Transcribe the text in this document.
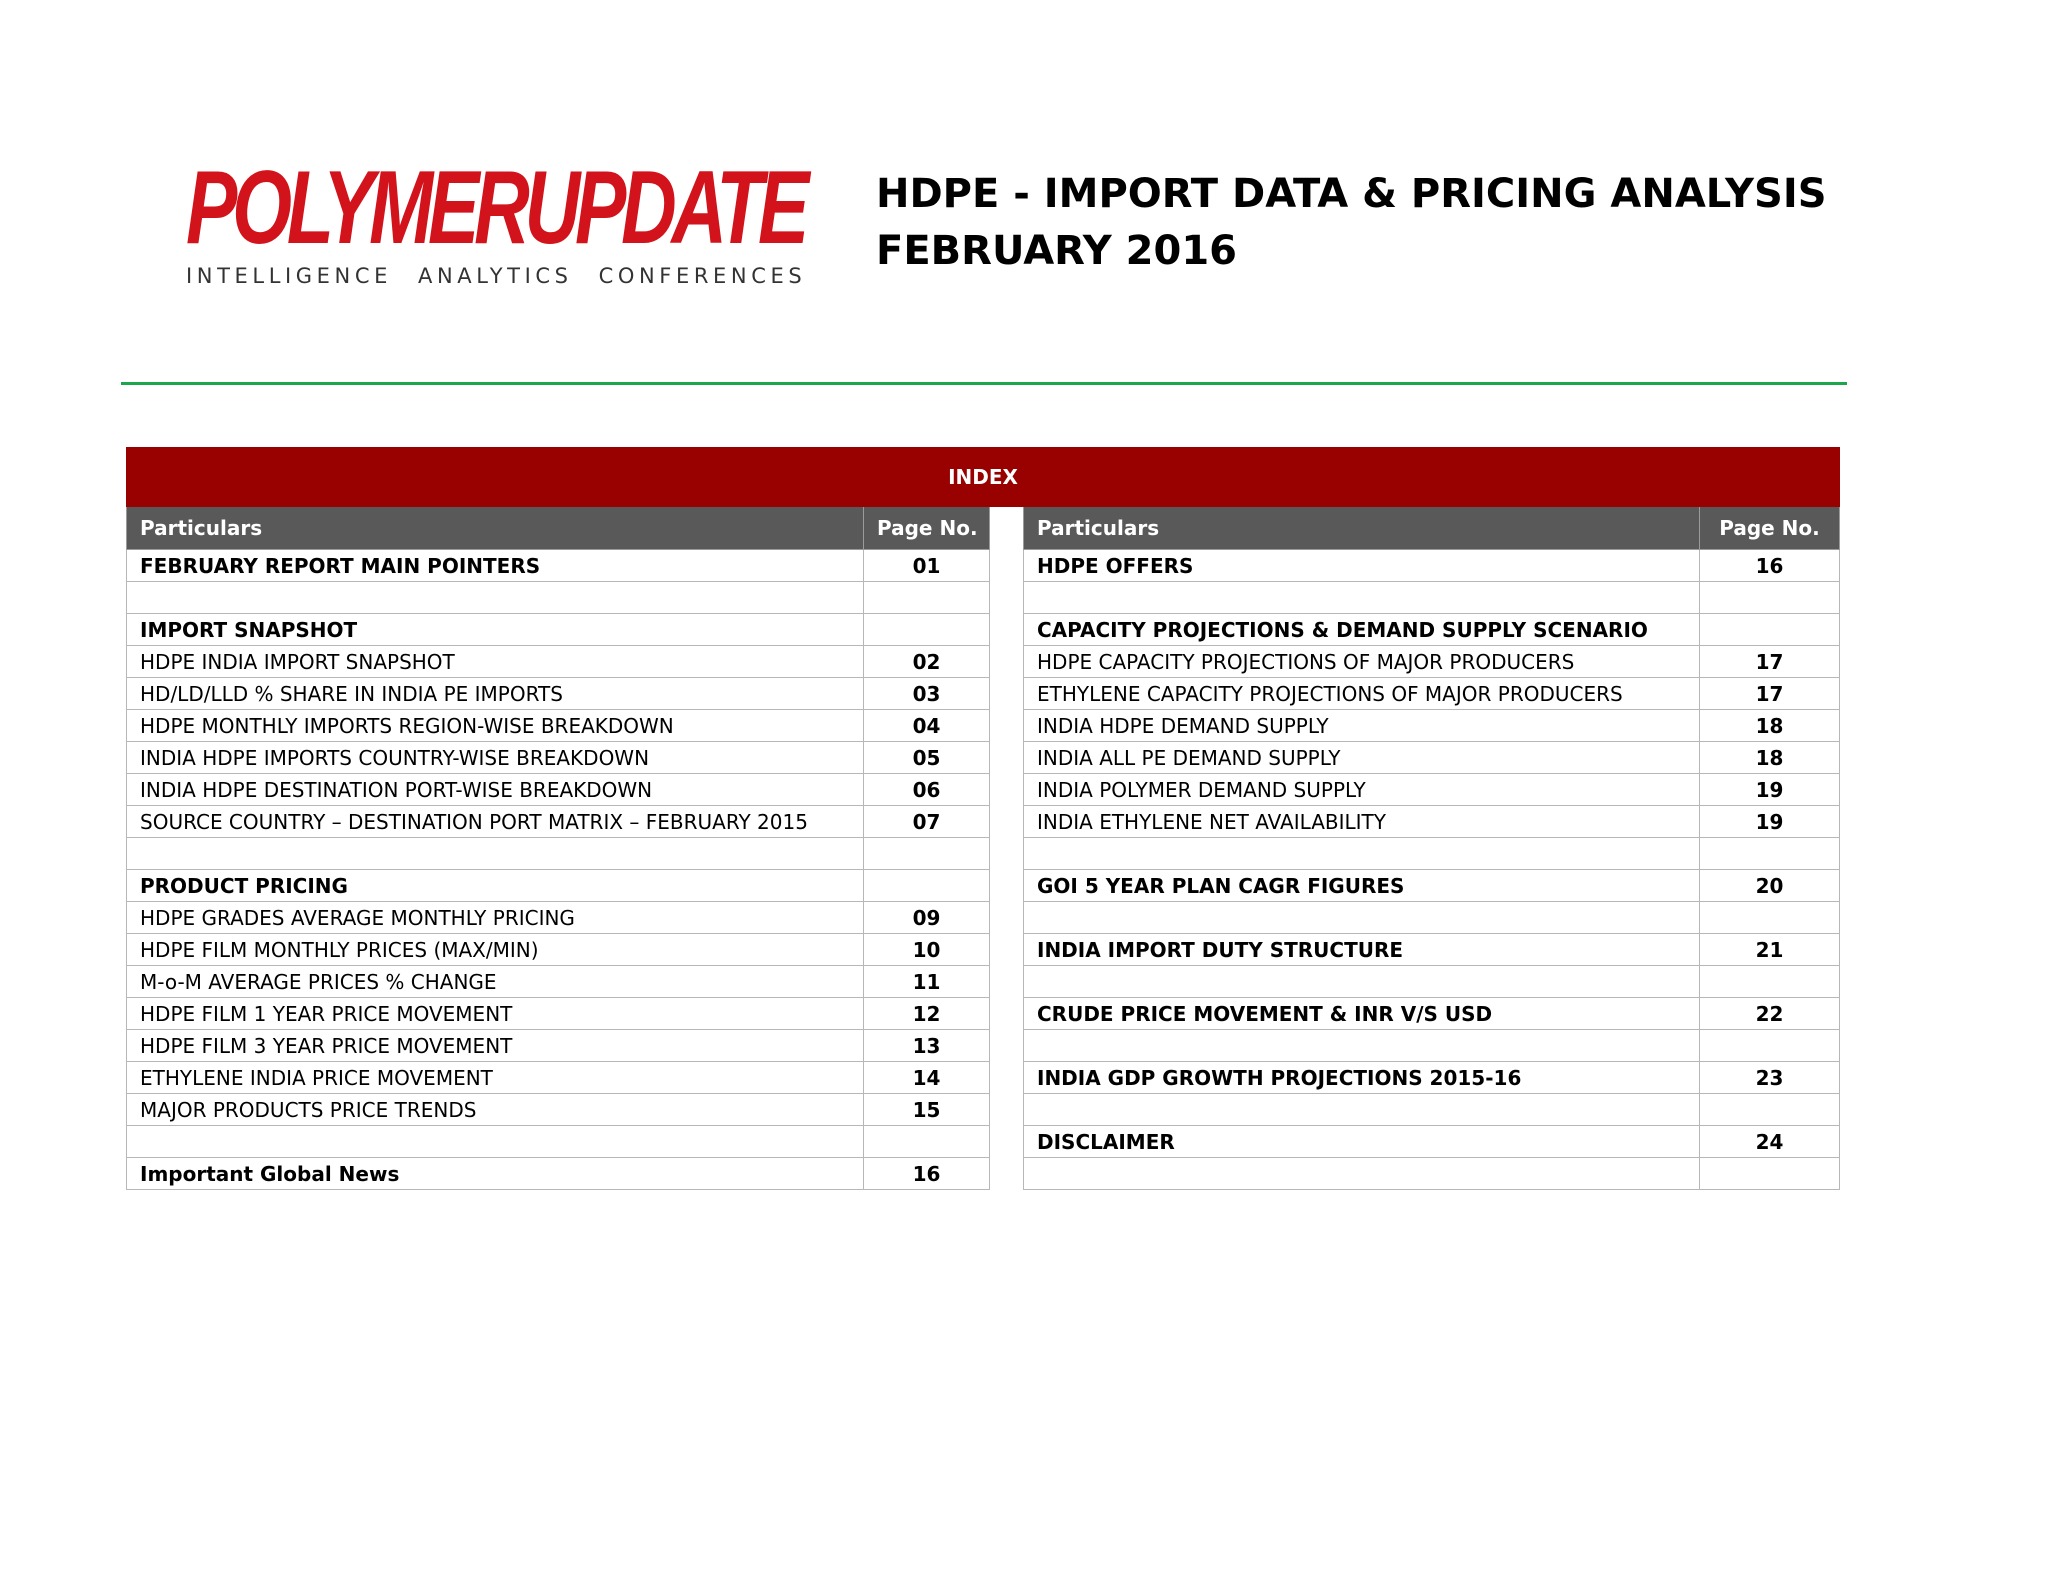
POLYMERUPDATE
INTELLIGENCE ANALYTICS CONFERENCES
HDPE - IMPORT DATA & PRICING ANALYSIS
FEBRUARY 2016
INDEX				
Particulars	Page No.		Particulars	Page No.
FEBRUARY REPORT MAIN POINTERS	01		HDPE OFFERS	16

IMPORT SNAPSHOT			CAPACITY PROJECTIONS & DEMAND SUPPLY SCENARIO	
HDPE INDIA IMPORT SNAPSHOT	02		HDPE CAPACITY PROJECTIONS OF MAJOR PRODUCERS	17
HD/LD/LLD % SHARE IN INDIA PE IMPORTS	03		ETHYLENE CAPACITY PROJECTIONS OF MAJOR PRODUCERS	17
HDPE MONTHLY IMPORTS REGION-WISE BREAKDOWN	04		INDIA HDPE DEMAND SUPPLY	18
INDIA HDPE IMPORTS COUNTRY-WISE BREAKDOWN	05		INDIA ALL PE DEMAND SUPPLY	18
INDIA HDPE DESTINATION PORT-WISE BREAKDOWN	06		INDIA POLYMER DEMAND SUPPLY	19
SOURCE COUNTRY – DESTINATION PORT MATRIX – FEBRUARY 2015	07		INDIA ETHYLENE NET AVAILABILITY	19

PRODUCT PRICING			GOI 5 YEAR PLAN CAGR FIGURES	20
HDPE GRADES AVERAGE MONTHLY PRICING	09			
HDPE FILM MONTHLY PRICES (MAX/MIN)	10		INDIA IMPORT DUTY STRUCTURE	21
M-o-M AVERAGE PRICES % CHANGE	11			
HDPE FILM 1 YEAR PRICE MOVEMENT	12		CRUDE PRICE MOVEMENT & INR V/S USD	22
HDPE FILM 3 YEAR PRICE MOVEMENT	13			
ETHYLENE INDIA PRICE MOVEMENT	14		INDIA GDP GROWTH PROJECTIONS 2015-16	23
MAJOR PRODUCTS PRICE TRENDS	15			
			DISCLAIMER	24
Important Global News	16			
